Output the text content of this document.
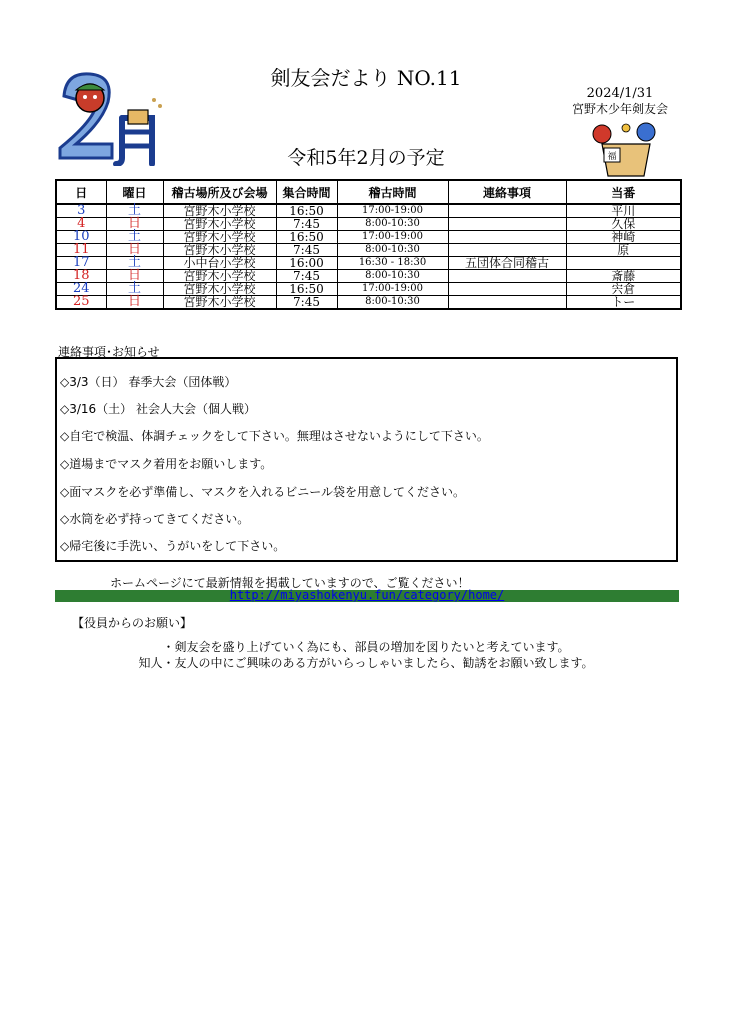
福
剣友会だより NO.11
2024/1/31
宮野木少年剣友会
令和5年2月の予定
日	曜日	稽古場所及び会場	集合時間	稽古時間	連絡事項	当番
3	土	宮野木小学校	16:50	17:00-19:00		平川
4	日	宮野木小学校	7:45	8:00-10:30		久保
10	土	宮野木小学校	16:50	17:00-19:00		神崎
11	日	宮野木小学校	7:45	8:00-10:30		原
17	土	小中台小学校	16:00	16:30 - 18:30	五団体合同稽古	
18	日	宮野木小学校	7:45	8:00-10:30		斎藤
24	土	宮野木小学校	16:50	17:00-19:00		宍倉
25	日	宮野木小学校	7:45	8:00-10:30		トー
連絡事項･お知らせ
◇3/3（日） 春季大会（団体戦）
◇3/16（土） 社会人大会（個人戦）
◇自宅で検温、体調チェックをして下さい。無理はさせないようにして下さい。
◇道場までマスク着用をお願いします。
◇面マスクを必ず準備し、マスクを入れるビニール袋を用意してください。
◇水筒を必ず持ってきてください。
◇帰宅後に手洗い、うがいをして下さい。
ホームページにて最新情報を掲載していますので、ご覧ください！
http://miyashokenyu.fun/category/home/
【役員からのお願い】
・剣友会を盛り上げていく為にも、部員の増加を図りたいと考えています。
知人・友人の中にご興味のある方がいらっしゃいましたら、勧誘をお願い致します。
